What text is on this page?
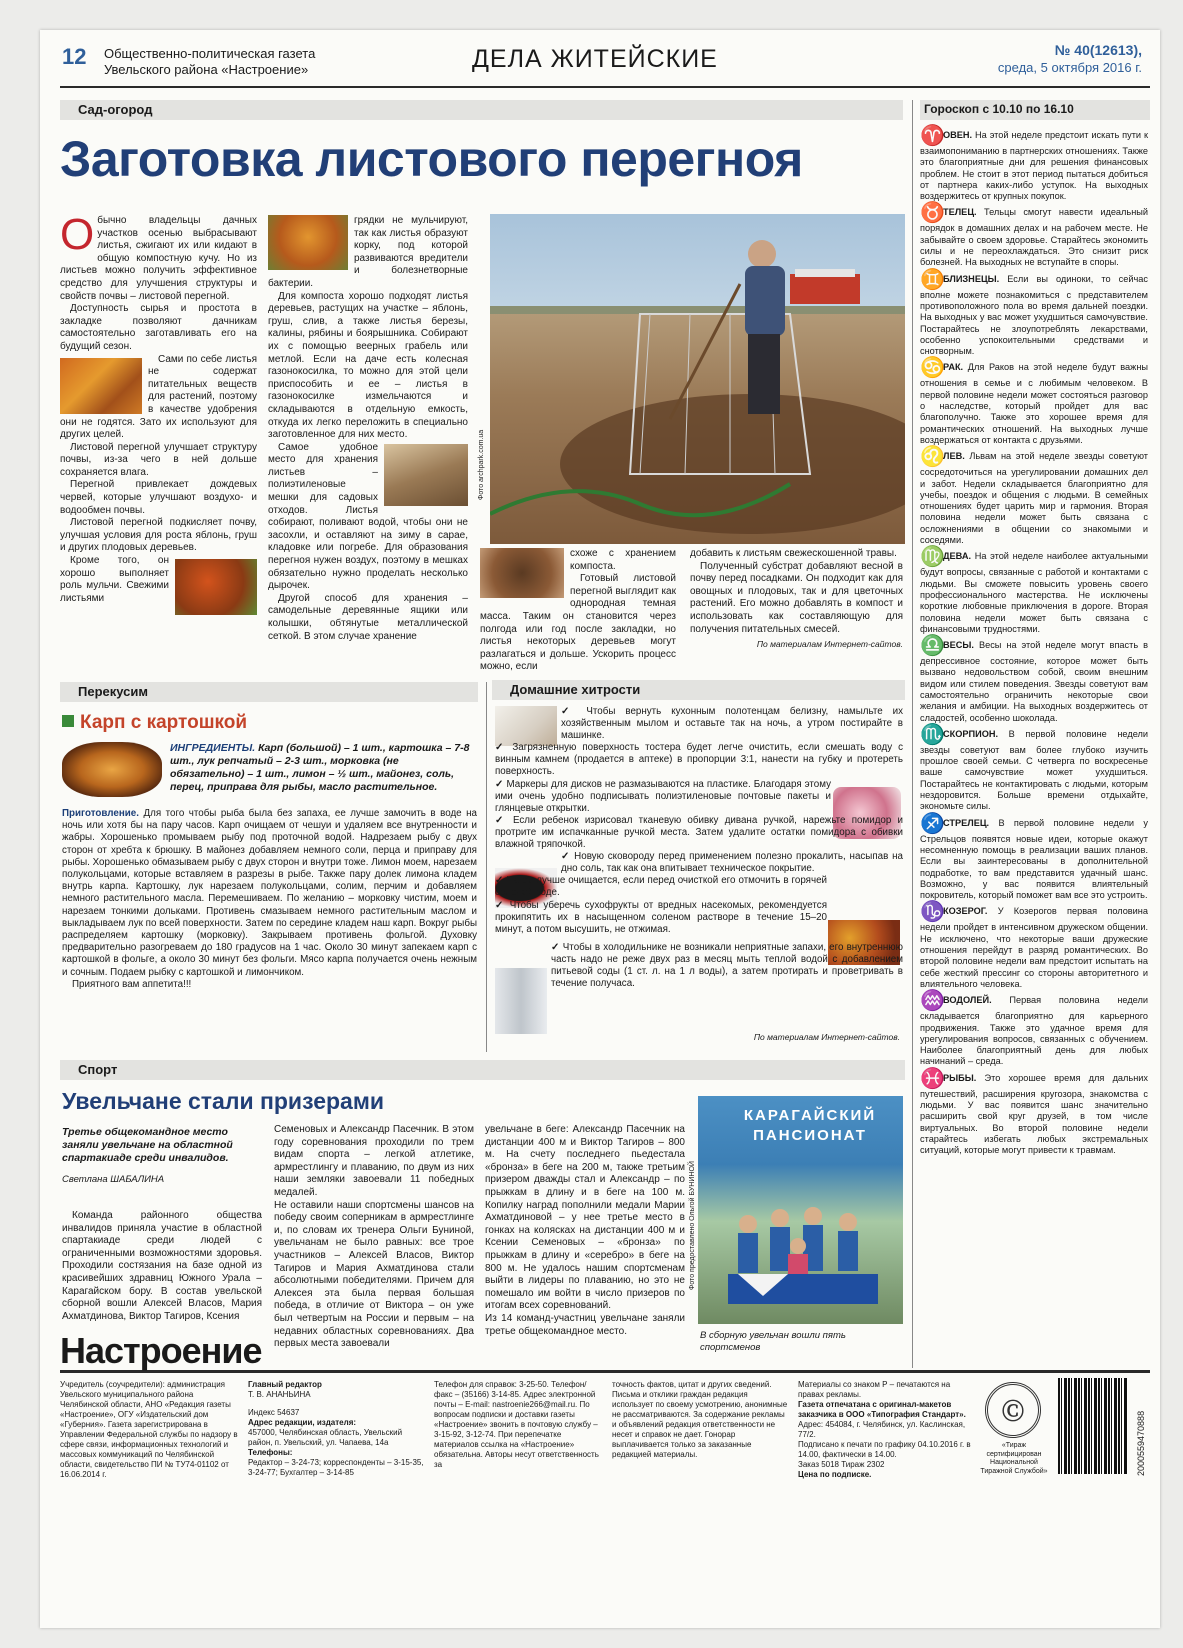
12 Общественно-политическая газета
Увельского района «Настроение»	ДЕЛА ЖИТЕЙСКИЕ	№ 40(12613),
среда, 5 октября 2016 г.
Сад-огород
Заготовка листового перегноя
О бычно владельцы дачных участков осенью выбрасывают листья, сжигают их или кидают в общую компостную кучу. Но из листьев можно получить эффективное средство для улучшения структуры и свойств почвы – листовой перегной.

Доступность сырья и простота в закладке позволяют дачникам самостоятельно заготавливать его на будущий сезон.

Сами по себе листья не содержат питательных веществ для растений, поэтому в качестве удобрения они не годятся. Зато их используют для других целей.

Листовой перегной улучшает структуру почвы, из-за чего в ней дольше сохраняется влага.

Перегной привлекает дождевых червей, которые улучшают воздухо- и водообмен почвы.

Листовой перегной подкисляет почву, улучшая условия для роста яблонь, груш и других плодовых деревьев.

Кроме того, он хорошо выполняет роль мульчи. Свежими листьями

грядки не мульчируют, так как листья образуют корку, под которой развиваются вредители и болезнетворные бактерии.

Для компоста хорошо подходят листья деревьев, растущих на участке – яблонь, груш, слив, а также листья березы, калины, рябины и боярышника. Собирают их с помощью веерных грабель или метлой. Если на даче есть колесная газонокосилка, то можно для этой цели приспособить и ее – листья в газонокосилке измельчаются и складываются в отдельную емкость, откуда их легко переложить в специально заготовленное для них место.

Самое удобное место для хранения листьев – полиэтиленовые мешки для садовых отходов. Листья собирают, поливают водой, чтобы они не засохли, и оставляют на зиму в сарае, кладовке или погребе. Для образования перегноя нужен воздух, поэтому в мешках обязательно нужно проделать несколько дырочек.

Другой способ для хранения – самодельные деревянные ящики или колышки, обтянутые металлической сеткой. В этом случае хранение

Фото archpark.com.ua

схоже с хранением компоста.

Готовый листовой перегной выглядит как однородная темная масса. Таким он становится через полгода или год после закладки, но листья некоторых деревьев могут разлагаться и дольше. Ускорить процесс можно, если

добавить к листьям свежескошенной травы.

Полученный субстрат добавляют весной в почву перед посадками. Он подходит как для овощных и плодовых, так и для цветочных растений. Его можно добавлять в компост и использовать как составляющую для получения питательных смесей.

По материалам Интернет-сайтов.

Гороскоп с 10.10 по 16.10

♈ОВЕН. На этой неделе предстоит искать пути к взаимопониманию в партнерских отношениях. Также это благоприятные дни для решения финансовых проблем. Не стоит в этот период пытаться добиться от партнера каких-либо уступок. На выходных воздержитесь от крупных покупок.

♉ТЕЛЕЦ. Тельцы смогут навести идеальный порядок в домашних делах и на рабочем месте. Не забывайте о своем здоровье. Старайтесь экономить силы и не переохлаждаться. Это снизит риск болезней. На выходных не вступайте в споры.

♊БЛИЗНЕЦЫ. Если вы одиноки, то сейчас вполне можете познакомиться с представителем противоположного пола во время дальней поездки. На выходных у вас может ухудшиться самочувствие. Постарайтесь не злоупотреблять лекарствами, особенно успокоительными средствами и снотворным.

♋РАК. Для Раков на этой неделе будут важны отношения в семье и с любимым человеком. В первой половине недели может состояться разговор о наследстве, который пройдет для вас благополучно. Также это хорошее время для романтических отношений. На выходных лучше воздержаться от контакта с друзьями.

♌ЛЕВ. Львам на этой неделе звезды советуют сосредоточиться на урегулировании домашних дел и забот. Недели складывается благоприятно для учебы, поездок и общения с людьми. В семейных отношениях будет царить мир и гармония. Вторая половина недели может быть связана с осложнениями в общении со знакомыми и соседями.

♍ДЕВА. На этой неделе наиболее актуальными будут вопросы, связанные с работой и контактами с людьми. Вы сможете повысить уровень своего профессионального мастерства. Не исключены короткие любовные приключения в дороге. Вторая половина недели может быть связана с финансовыми трудностями.

♎ВЕСЫ. Весы на этой неделе могут впасть в депрессивное состояние, которое может быть вызвано недовольством собой, своим внешним видом или стилем поведения. Звезды советуют вам самостоятельно ограничить некоторые свои желания и амбиции. На выходных воздержитесь от сладостей, особенно шоколада.

♏СКОРПИОН. В первой половине недели звезды советуют вам более глубоко изучить прошлое своей семьи. С четверга по воскресенье ваше самочувствие может ухудшиться. Постарайтесь не контактировать с людьми, которым нездоровится. Больше времени отдыхайте, экономьте силы.

♐СТРЕЛЕЦ. В первой половине недели у Стрельцов появятся новые идеи, которые окажут несомненную помощь в реализации ваших планов. Если вы заинтересованы в дополнительной подработке, то вам представится удачный шанс. Возможно, у вас появится влиятельный покровитель, который поможет вам все это устроить.

♑КОЗЕРОГ. У Козерогов первая половина недели пройдет в интенсивном дружеском общении. Не исключено, что некоторые ваши дружеские отношения перейдут в разряд романтических. Во второй половине недели вам предстоит испытать на себе жесткий прессинг со стороны авторитетного и влиятельного человека.

♒ВОДОЛЕЙ. Первая половина недели складывается благоприятно для карьерного продвижения. Также это удачное время для урегулирования вопросов, связанных с обучением. Наиболее благоприятный день для любых начинаний – среда.

♓РЫБЫ. Это хорошее время для дальних путешествий, расширения кругозора, знакомства с людьми. У вас появится шанс значительно расширить свой круг друзей, в том числе виртуальных. Во второй половине недели старайтесь избегать любых экстремальных ситуаций, которые могут привести к травмам.

Перекусим
Карп с картошкой
ИНГРЕДИЕНТЫ. Карп (большой) – 1 шт., картошка – 7-8 шт., лук репчатый – 2-3 шт., морковка (не обязательно) – 1 шт., лимон – ½ шт., майонез, соль, перец, приправа для рыбы, масло растительное.

Приготовление. Для того чтобы рыба была без запаха, ее лучше замочить в воде на ночь или хотя бы на пару часов. Карп очищаем от чешуи и удаляем все внутренности и жабры. Хорошенько промываем рыбу под проточной водой. Надрезаем рыбу с двух сторон от хребта к брюшку. В майонез добавляем немного соли, перца и приправу для рыбы. Хорошенько обмазываем рыбу с двух сторон и внутри тоже. Лимон моем, нарезаем полукольцами, которые вставляем в разрезы в рыбе. Также пару долек лимона кладем внутрь карпа. Картошку, лук нарезаем полукольцами, солим, перчим и добавляем немного растительного масла. Перемешиваем. По желанию – морковку чистим, моем и нарезаем тонкими дольками. Противень смазываем немного растительным маслом и выкладываем лук по всей поверхности. Затем по середине кладем наш карп. Вокруг рыбы распределяем картошку (морковку). Закрываем противень фольгой. Духовку предварительно разогреваем до 180 градусов на 1 час. Около 30 минут запекаем карп с картошкой в фольге, а около 30 минут без фольги. Мясо карпа получается очень нежным и сочным. Подаем рыбку с картошкой и лимончиком.

Приятного вам аппетита!!!

Домашние хитрости

✓ Чтобы вернуть кухонным полотенцам белизну, намыльте их хозяйственным мылом и оставьте так на ночь, а утром постирайте в машинке.

✓ Загрязненную поверхность тостера будет легче очистить, если смешать воду с винным камнем (продается в аптеке) в пропорции 3:1, нанести на губку и протереть поверхность.

✓ Маркеры для дисков не размазываются на пластике. Благодаря этому ими очень удобно подписывать полиэтиленовые почтовые пакеты и глянцевые открытки.

✓ Если ребенок изрисовал тканевую обивку дивана ручкой, нарежьте помидор и протрите им испачканные ручкой места. Затем удалите остатки помидора с обивки влажной тряпочкой.

✓ Новую сковороду перед применением полезно прокалить, насыпав на дно соль, так как она впитывает техническое покрытие.

✓ Нагар лучше очищается, если перед очисткой его отмочить в горячей соленой воде.

✓ Чтобы уберечь сухофрукты от вредных насекомых, рекомендуется прокипятить их в насыщенном соленом растворе в течение 15–20 минут, а потом высушить, не отжимая.

✓ Чтобы в холодильнике не возникали неприятные запахи, его внутреннюю часть надо не реже двух раз в месяц мыть теплой водой с добавлением питьевой соды (1 ст. л. на 1 л воды), а затем протирать и проветривать в течение получаса.

По материалам Интернет-сайтов.
Спорт
Увельчане стали призерами
Третье общекомандное место заняли увельчане на областной спартакиаде среди инвалидов.
Светлана ШАБАЛИНА

Команда районного общества инвалидов приняла участие в областной спартакиаде среди людей с ограниченными возможностями здоровья. Проходили состязания на базе одной из красивейших здравниц Южного Урала – Карагайском бору. В состав увельской сборной вошли Алексей Власов, Мария Ахматдинова, Виктор Тагиров, Ксения

Семеновых и Александр Пасечник. В этом году соревнования проходили по трем видам спорта – легкой атлетике, армрестлингу и плаванию, по двум из них наши земляки завоевали 11 победных медалей.
Не оставили наши спортсмены шансов на победу своим соперникам в армрестлинге и, по словам их тренера Ольги Буниной, увельчанам не было равных: все трое участников – Алексей Власов, Виктор Тагиров и Мария Ахматдинова стали абсолютными победителями. Причем для Алексея эта была первая большая победа, в отличие от Виктора – он уже был четвертым на России и первым – на недавних областных соревнованиях. Два первых места завоевали

увельчане в беге: Александр Пасечник на дистанции 400 м и Виктор Тагиров – 800 м. На счету последнего пьедестала «бронза» в беге на 200 м, также третьим призером дважды стал и Александр – по прыжкам в длину и в беге на 100 м. Копилку наград пополнили медали Марии Ахматдиновой – у нее третье место в гонках на колясках на дистанции 400 м и Ксении Семеновых – «бронза» по прыжкам в длину и «серебро» в беге на 800 м. Не удалось нашим спортсменам выйти в лидеры по плаванию, но это не помешало им войти в число призеров по итогам всех соревнований.
Из 14 команд-участниц увельчане заняли третье общекомандное место.

КАРАГАЙСКИЙ ПАНСИОНАТ
Фото предоставлено Ольгой БУНИНОЙ
В сборную увельчан вошли пять спортсменов
Настроение
Учредитель (соучредители): администрация Увельского муниципального района Челябинской области, АНО «Редакция газеты «Настроение», ОГУ «Издательский дом «Губерния». Газета зарегистрирована в Управлении Федеральной службы по надзору в сфере связи, информационных технологий и массовых коммуникаций по Челябинской области, свидетельство ПИ № ТУ74-01102 от 16.06.2014 г.
Главный редактор
Т. В. АНАНЬИНА
Индекс 54637
Адрес редакции, издателя:
457000, Челябинская область, Увельский район, п. Увельский, ул. Чапаева, 14а
Телефоны:
Редактор – 3-24-73; корреспонденты – 3-15-35, 3-24-77; Бухгалтер – 3-14-85
Телефон для справок: 3-25-50. Телефон/факс – (35166) 3-14-85. Адрес электронной почты – E-mail: nastroenie266@mail.ru. По вопросам подписки и доставки газеты «Настроение» звонить в почтовую службу – 3-15-92, 3-12-74. При перепечатке материалов ссылка на «Настроение» обязательна. Авторы несут ответственность за
точность фактов, цитат и других сведений. Письма и отклики граждан редакция использует по своему усмотрению, анонимные не рассматриваются. За содержание рекламы и объявлений редакция ответственности не несет и справок не дает. Гонорар выплачивается только за заказанные редакцией материалы.
Материалы со знаком Р – печатаются на правах рекламы.
Газета отпечатана с оригинал-макетов заказчика в ООО «Типография Стандарт».
Адрес: 454084, г. Челябинск, ул. Каслинская, 77/2.
Подписано к печати по графику 04.10.2016 г. в 14.00, фактически в 14.00.
Заказ 5018 Тираж 2302
Цена по подписке.
Ⓒ
«Тираж сертифицирован Национальной Тиражной Службой»	2000559470888
